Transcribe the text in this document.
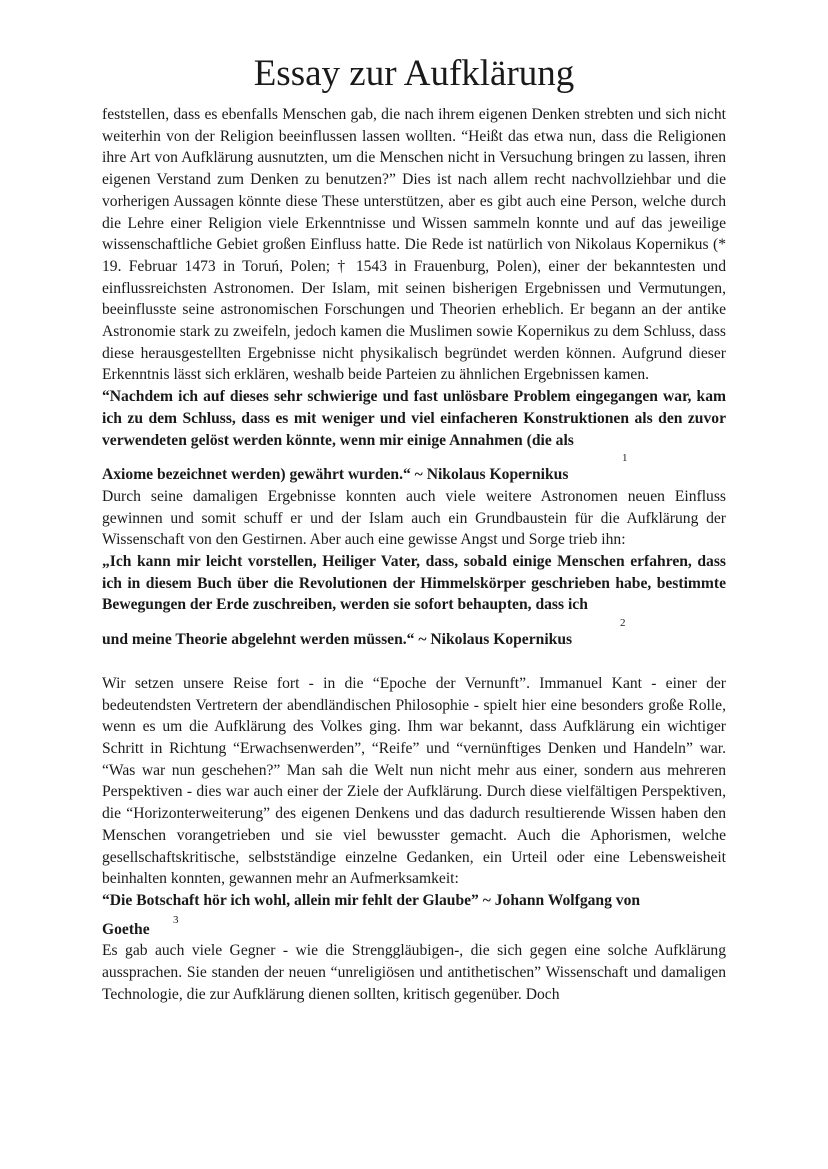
Essay zur Aufklärung

feststellen, dass es ebenfalls Menschen gab, die nach ihrem eigenen Denken strebten und sich nicht weiterhin von der Religion beeinflussen lassen wollten. “Heißt das etwa nun, dass die Religionen ihre Art von Aufklärung ausnutzten, um die Menschen nicht in Versuchung bringen zu lassen, ihren eigenen Verstand zum Denken zu benutzen?” Dies ist nach allem recht nachvollziehbar und die vorherigen Aussagen könnte diese These unterstützen, aber es gibt auch eine Person, welche durch die Lehre einer Religion viele Erkenntnisse und Wissen sammeln konnte und auf das jeweilige wissenschaftliche Gebiet großen Einfluss hatte. Die Rede ist natürlich von Nikolaus Kopernikus (* 19. Februar 1473 in Toruń, Polen; † 1543 in Frauenburg, Polen), einer der bekanntesten und einflussreichsten Astronomen. Der Islam, mit seinen bisherigen Ergebnissen und Vermutungen, beeinflusste seine astronomischen Forschungen und Theorien erheblich. Er begann an der antike Astronomie stark zu zweifeln, jedoch kamen die Muslimen sowie Kopernikus zu dem Schluss, dass diese herausgestellten Ergebnisse nicht physikalisch begründet werden können. Aufgrund dieser Erkenntnis lässt sich erklären, weshalb beide Parteien zu ähnlichen Ergebnissen kamen.

“Nachdem ich auf dieses sehr schwierige und fast unlösbare Problem eingegangen war, kam ich zu dem Schluss, dass es mit weniger und viel einfacheren Konstruktionen als den zuvor verwendeten gelöst werden könnte, wenn mir einige Annahmen (die als
Axiome bezeichnet werden) gewährt wurden.“ ~ Nikolaus Kopernikus
1

Durch seine damaligen Ergebnisse konnten auch viele weitere Astronomen neuen Einfluss gewinnen und somit schuff er und der Islam auch ein Grundbaustein für die Aufklärung der Wissenschaft von den Gestirnen. Aber auch eine gewisse Angst und Sorge trieb ihn:

„Ich kann mir leicht vorstellen, Heiliger Vater, dass, sobald einige Menschen erfahren, dass ich in diesem Buch über die Revolutionen der Himmelskörper geschrieben habe, bestimmte Bewegungen der Erde zuschreiben, werden sie sofort behaupten, dass ich
und meine Theorie abgelehnt werden müssen.“ ~ Nikolaus Kopernikus
2

Wir setzen unsere Reise fort - in die “Epoche der Vernunft”. Immanuel Kant - einer der bedeutendsten Vertretern der abendländischen Philosophie - spielt hier eine besonders große Rolle, wenn es um die Aufklärung des Volkes ging. Ihm war bekannt, dass Aufklärung ein wichtiger Schritt in Richtung “Erwachsenwerden”, “Reife” und “vernünftiges Denken und Handeln” war. “Was war nun geschehen?” Man sah die Welt nun nicht mehr aus einer, sondern aus mehreren Perspektiven - dies war auch einer der Ziele der Aufklärung. Durch diese vielfältigen Perspektiven, die “Horizonterweiterung” des eigenen Denkens und das dadurch resultierende Wissen haben den Menschen vorangetrieben und sie viel bewusster gemacht. Auch die Aphorismen, welche gesellschaftskritische, selbstständige einzelne Gedanken, ein Urteil oder eine Lebensweisheit beinhalten konnten, gewannen mehr an Aufmerksamkeit:

“Die Botschaft hör ich wohl, allein mir fehlt der Glaube” ~ Johann Wolfgang von

3
Goethe

Es gab auch viele Gegner - wie die Strenggläubigen-, die sich gegen eine solche Aufklärung aussprachen. Sie standen der neuen “unreligiösen und antithetischen” Wissenschaft und damaligen Technologie, die zur Aufklärung dienen sollten, kritisch gegenüber. Doch
